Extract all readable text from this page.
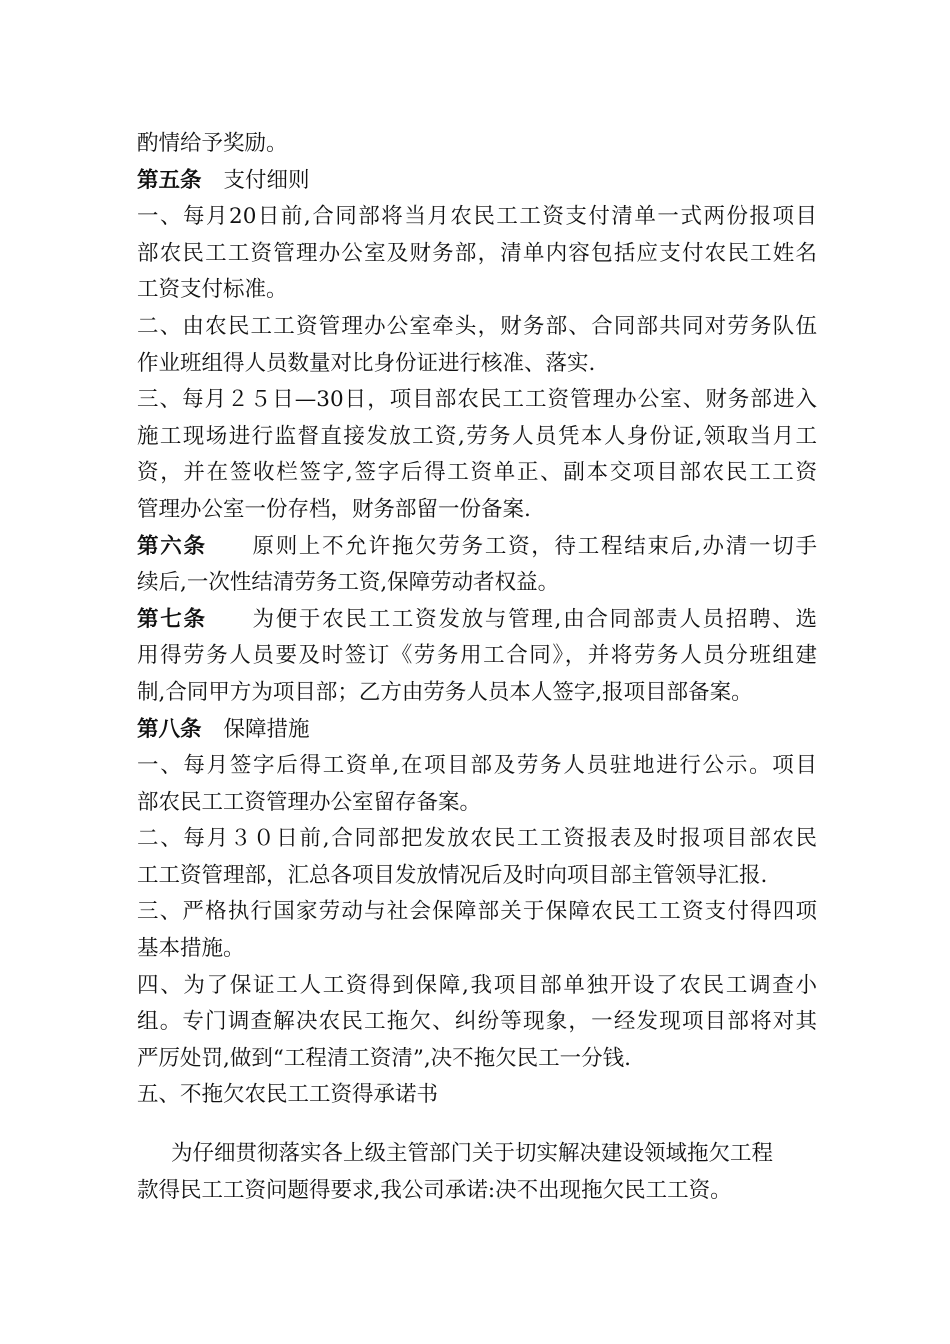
酌情给予奖励。
第五条 支付细则
一、每月20日前,合同部将当月农民工工资支付清单一式两份报项目
部农民工工资管理办公室及财务部，清单内容包括应支付农民工姓名
工资支付标准。
二、由农民工工资管理办公室牵头，财务部、合同部共同对劳务队伍
作业班组得人员数量对比身份证进行核准、落实.
三、每月２５日—30日，项目部农民工工资管理办公室、财务部进入
施工现场进行监督直接发放工资,劳务人员凭本人身份证,领取当月工
资，并在签收栏签字,签字后得工资单正、副本交项目部农民工工资
管理办公室一份存档，财务部留一份备案.
第六条 原则上不允许拖欠劳务工资，待工程结束后,办清一切手
续后,一次性结清劳务工资,保障劳动者权益。
第七条 为便于农民工工资发放与管理,由合同部责人员招聘、选
用得劳务人员要及时签订《劳务用工合同》，并将劳务人员分班组建
制,合同甲方为项目部；乙方由劳务人员本人签字,报项目部备案。
第八条 保障措施
一、每月签字后得工资单,在项目部及劳务人员驻地进行公示。项目
部农民工工资管理办公室留存备案。
二、每月３０日前,合同部把发放农民工工资报表及时报项目部农民
工工资管理部，汇总各项目发放情况后及时向项目部主管领导汇报.
三、严格执行国家劳动与社会保障部关于保障农民工工资支付得四项
基本措施。
四、为了保证工人工资得到保障,我项目部单独开设了农民工调查小
组。专门调查解决农民工拖欠、纠纷等现象，一经发现项目部将对其
严厉处罚,做到“工程清工资清”,决不拖欠民工一分钱.
五、不拖欠农民工工资得承诺书
为仔细贯彻落实各上级主管部门关于切实解决建设领域拖欠工程
款得民工工资问题得要求,我公司承诺:决不出现拖欠民工工资。
